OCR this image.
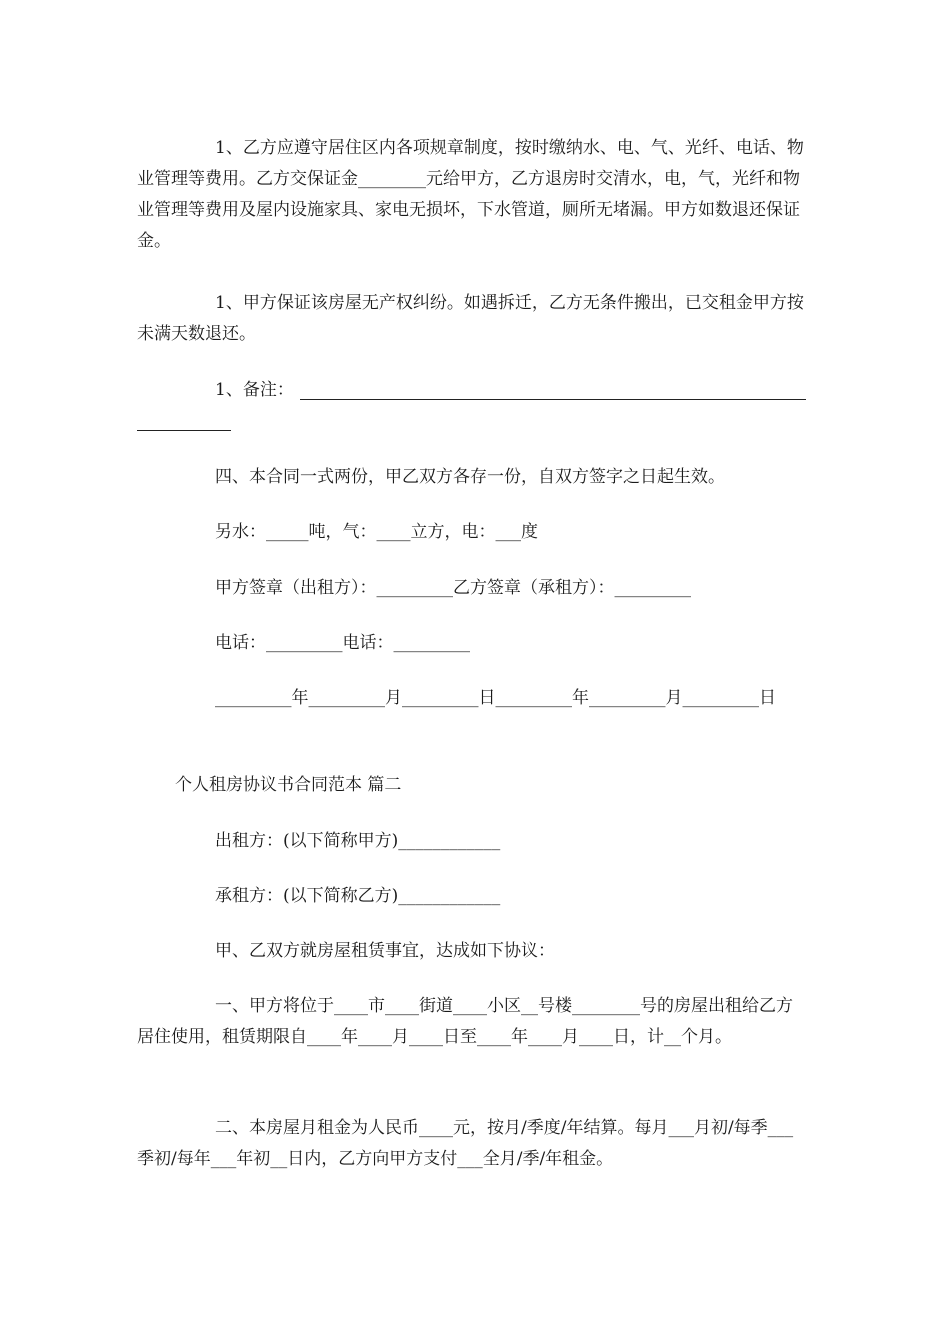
1、乙方应遵守居住区内各项规章制度，按时缴纳水、电、气、光纤、电话、物业管理等费用。乙方交保证金________元给甲方，乙方退房时交清水，电，气，光纤和物业管理等费用及屋内设施家具、家电无损坏，下水管道，厕所无堵漏。甲方如数退还保证金。

1、甲方保证该房屋无产权纠纷。如遇拆迁，乙方无条件搬出，已交租金甲方按未满天数退还。

1、备注：

四、本合同一式两份，甲乙双方各存一份，自双方签字之日起生效。

另水：_____吨，气：____立方，电：___度

甲方签章（出租方）：_________乙方签章（承租方）：_________

电话：_________电话：_________

_________年_________月_________日_________年_________月_________日

个人租房协议书合同范本 篇二

出租方：(以下简称甲方)____________

承租方：(以下简称乙方)____________

甲、乙双方就房屋租赁事宜，达成如下协议：

一、甲方将位于____市____街道____小区__号楼________号的房屋出租给乙方居住使用，租赁期限自____年____月____日至____年____月____日，计__个月。

二、本房屋月租金为人民币____元，按月/季度/年结算。每月___月初/每季___季初/每年___年初__日内，乙方向甲方支付___全月/季/年租金。
